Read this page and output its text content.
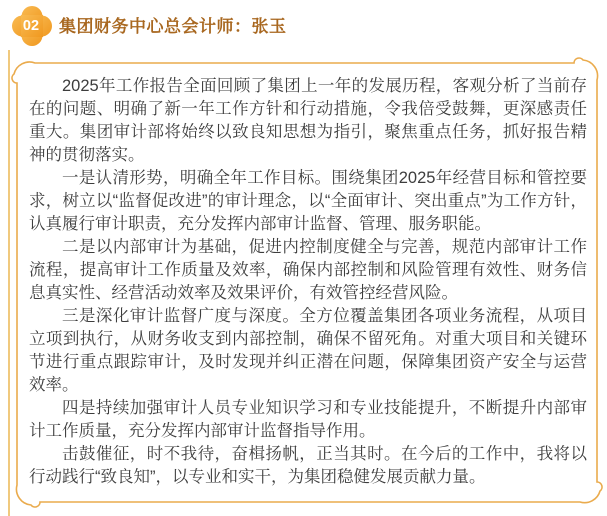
02 集团财务中心总会计师：张玉

2025年工作报告全面回顾了集团上一年的发展历程，客观分析了当前存在的问题、明确了新一年工作方针和行动措施，令我倍受鼓舞，更深感责任重大。集团审计部将始终以致良知思想为指引，聚焦重点任务，抓好报告精神的贯彻落实。

一是认清形势，明确全年工作目标。围绕集团2025年经营目标和管控要求，树立以“监督促改进”的审计理念，以“全面审计、突出重点”为工作方针，认真履行审计职责，充分发挥内部审计监督、管理、服务职能。

二是以内部审计为基础，促进内控制度健全与完善，规范内部审计工作流程，提高审计工作质量及效率，确保内部控制和风险管理有效性、财务信息真实性、经营活动效率及效果评价，有效管控经营风险。

三是深化审计监督广度与深度。全方位覆盖集团各项业务流程，从项目立项到执行，从财务收支到内部控制，确保不留死角。对重大项目和关键环节进行重点跟踪审计，及时发现并纠正潜在问题，保障集团资产安全与运营效率。

四是持续加强审计人员专业知识学习和专业技能提升，不断提升内部审计工作质量，充分发挥内部审计监督指导作用。

击鼓催征，时不我待，奋楫扬帆，正当其时。在今后的工作中，我将以行动践行“致良知”，以专业和实干，为集团稳健发展贡献力量。
